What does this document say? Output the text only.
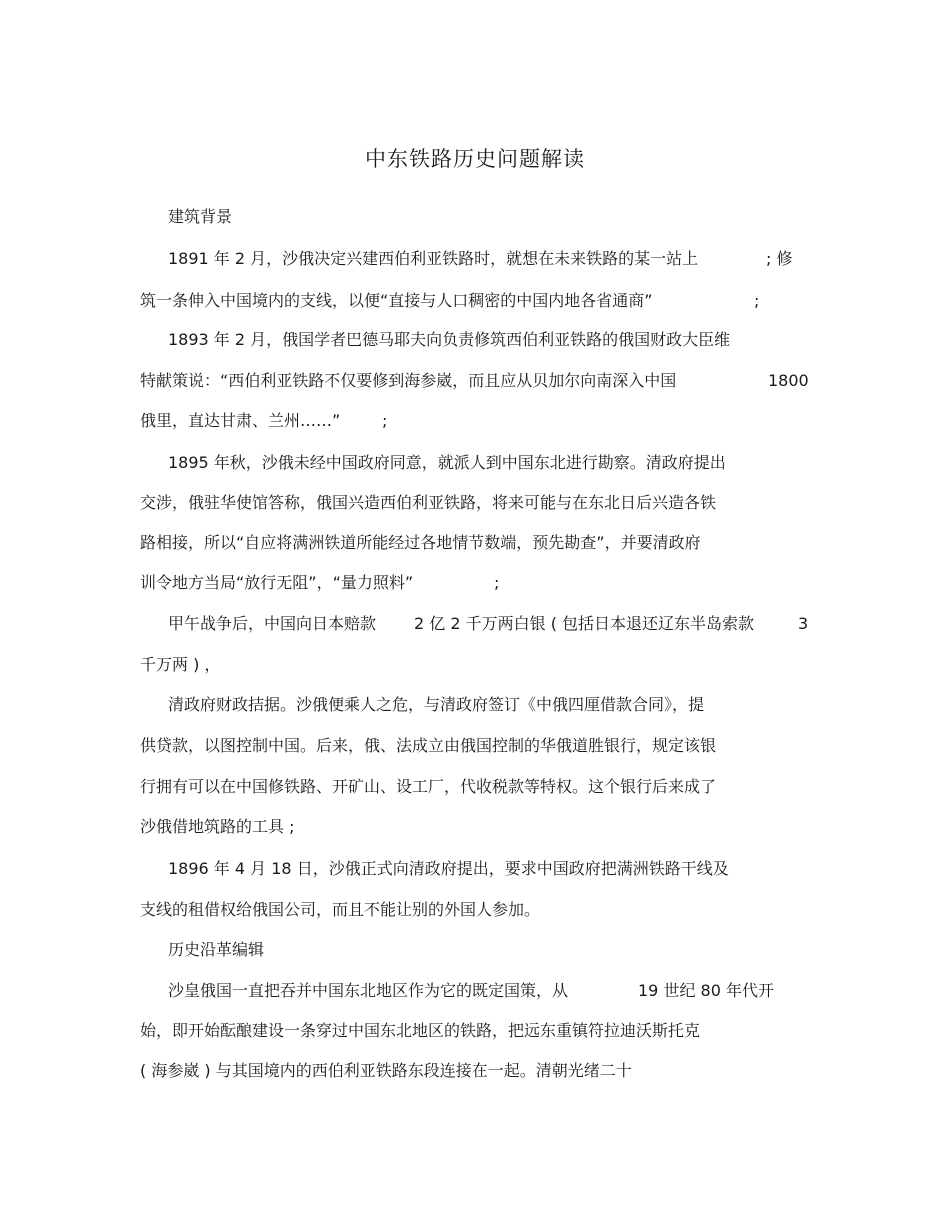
中东铁路历史问题解读
建筑背景
1891 年 2 月，沙俄决定兴建西伯利亚铁路时，就想在未来铁路的某一站上	; 修
筑一条伸入中国境内的支线，以便“直接与人口稠密的中国内地各省通商”	;
1893 年 2 月，俄国学者巴德马耶夫向负责修筑西伯利亚铁路的俄国财政大臣维
特献策说：“西伯利亚铁路不仅要修到海参崴，而且应从贝加尔向南深入中国	1800
俄里，直达甘肃、兰州……”	;
1895 年秋，沙俄未经中国政府同意，就派人到中国东北进行勘察。清政府提出
交涉，俄驻华使馆答称，俄国兴造西伯利亚铁路，将来可能与在东北日后兴造各铁
路相接，所以“自应将满洲铁道所能经过各地情节数端，预先勘查”，并要清政府
训令地方当局“放行无阻”，“量力照料”	;
甲午战争后，中国向日本赔款 2 亿 2 千万两白银 ( 包括日本退还辽东半岛索款	3
千万两 ) ，
清政府财政拮据。沙俄便乘人之危，与清政府签订《中俄四厘借款合同》，提
供贷款，以图控制中国。后来，俄、法成立由俄国控制的华俄道胜银行，规定该银
行拥有可以在中国修铁路、开矿山、设工厂，代收税款等特权。这个银行后来成了
沙俄借地筑路的工具 ;
1896 年 4 月 18 日，沙俄正式向清政府提出，要求中国政府把满洲铁路干线及
支线的租借权给俄国公司，而且不能让别的外国人参加。
历史沿革编辑
沙皇俄国一直把吞并中国东北地区作为它的既定国策，从	19 世纪 80 年代开
始，即开始酝酿建设一条穿过中国东北地区的铁路，把远东重镇符拉迪沃斯托克
( 海参崴 ) 与其国境内的西伯利亚铁路东段连接在一起。清朝光绪二十
